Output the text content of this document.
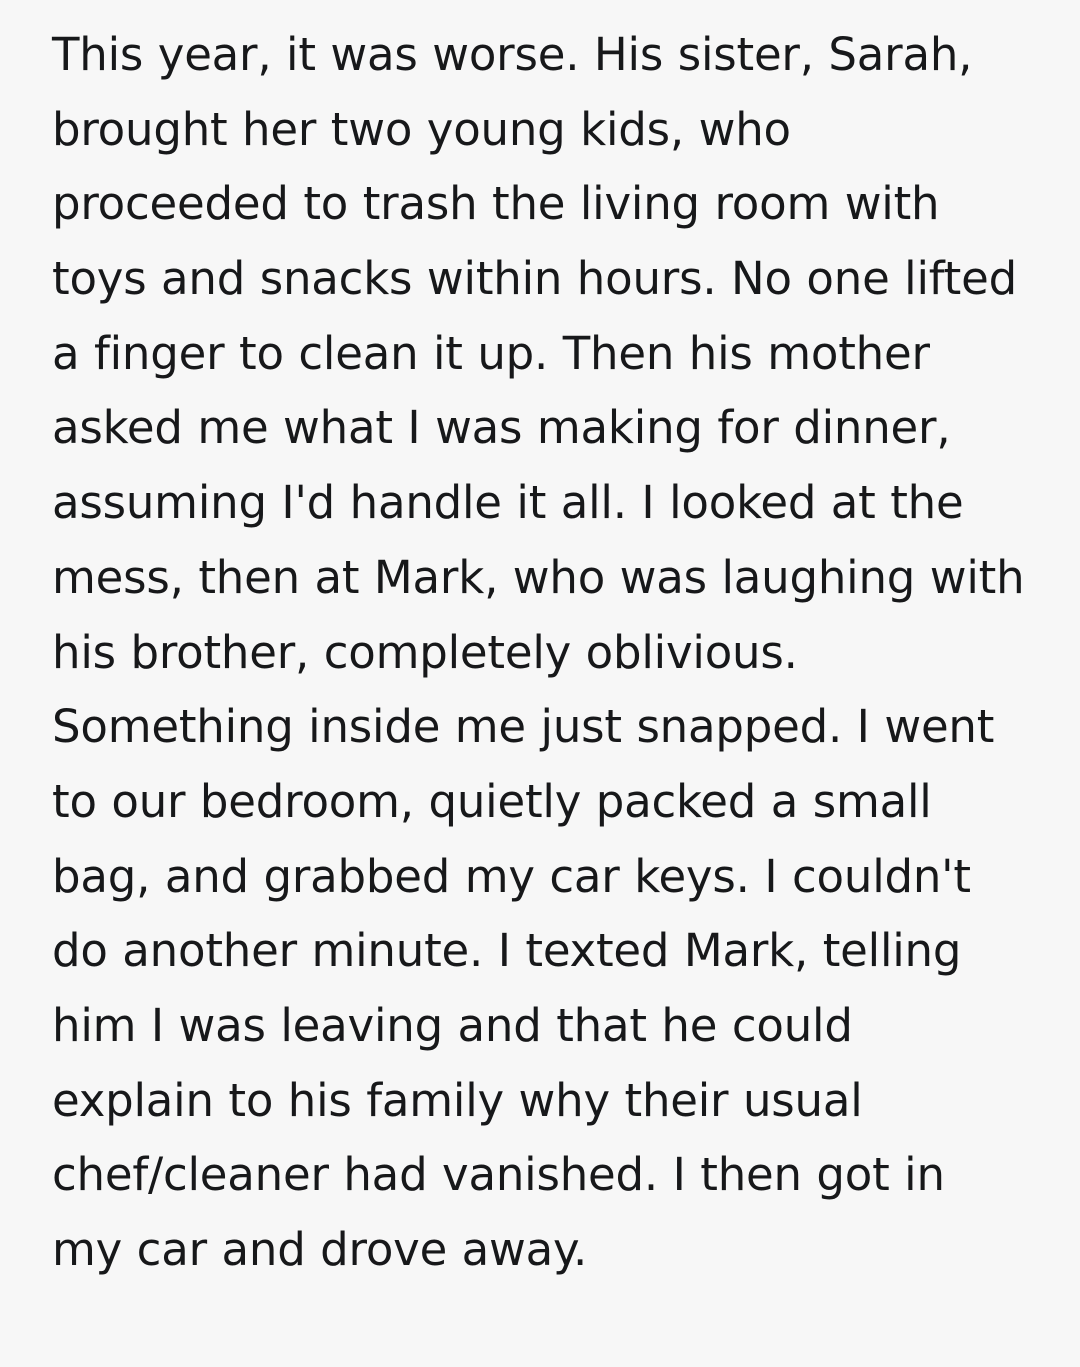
This year, it was worse. His sister, Sarah, brought her two young kids, who proceeded to trash the living room with toys and snacks within hours. No one lifted a finger to clean it up. Then his mother asked me what I was making for dinner, assuming I'd handle it all. I looked at the mess, then at Mark, who was laughing with his brother, completely oblivious. Something inside me just snapped. I went to our bedroom, quietly packed a small bag, and grabbed my car keys. I couldn't do another minute. I texted Mark, telling him I was leaving and that he could explain to his family why their usual chef/cleaner had vanished. I then got in my car and drove away.
